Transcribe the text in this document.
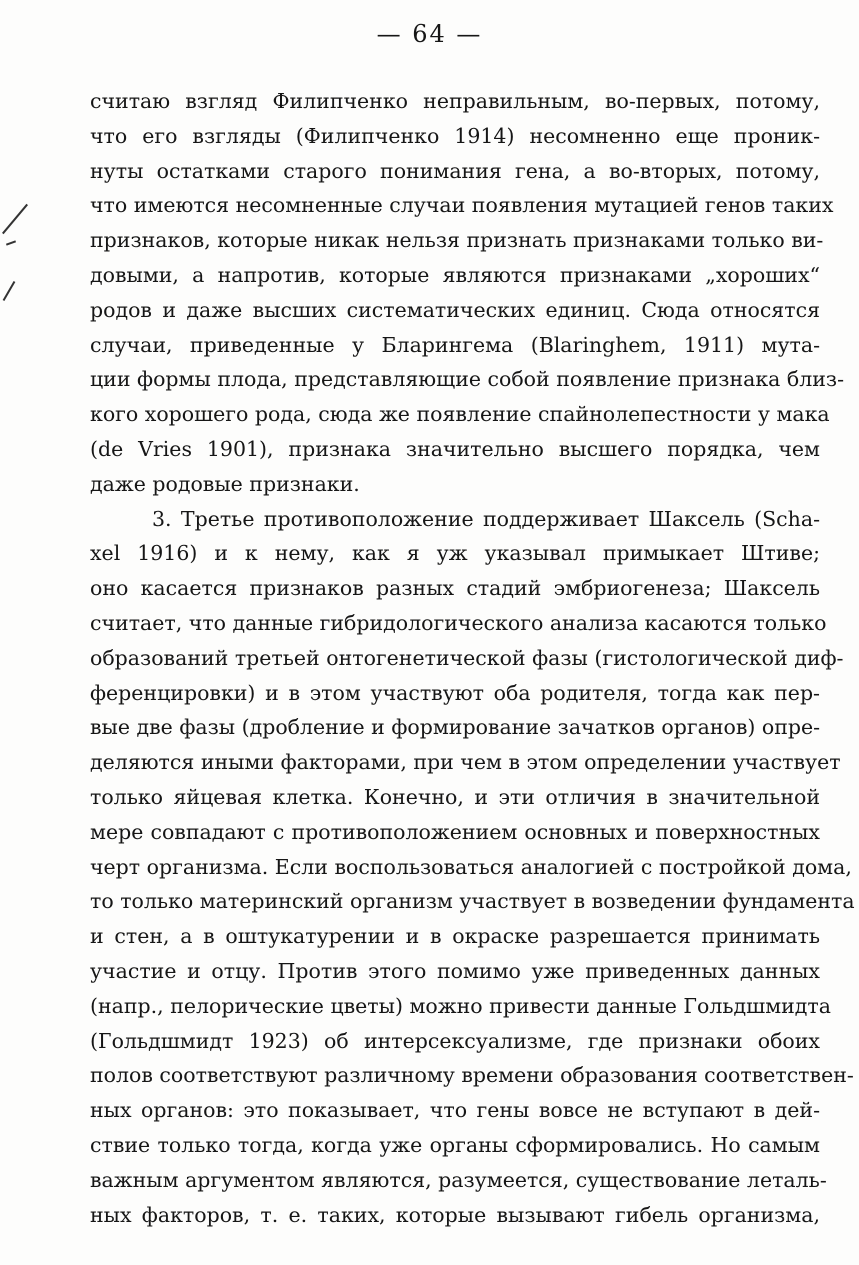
— 64 —
считаю взгляд Филипченко неправильным, во-первых, потому,
что его взгляды (Филипченко 1914) несомненно еще проник-
нуты остатками старого понимания гена, а во-вторых, потому,
что имеются несомненные случаи появления мутацией генов таких
признаков, которые никак нельзя признать признаками только ви-
довыми, а напротив, которые являются признаками „хороших“
родов и даже высших систематических единиц. Сюда относятся
случаи, приведенные у Бларингема (Blaringhem, 1911) мута-
ции формы плода, представляющие собой появление признака близ-
кого хорошего рода, сюда же появление спайнолепестности у мака
(de Vries 1901), признака значительно высшего порядка, чем
даже родовые признаки.
3. Третье противоположение поддерживает Шаксель (Scha-
xel 1916) и к нему, как я уж указывал примыкает Штиве;
оно касается признаков разных стадий эмбриогенеза; Шаксель
считает, что данные гибридологического анализа касаются только
образований третьей онтогенетической фазы (гистологической диф-
ференцировки) и в этом участвуют оба родителя, тогда как пер-
вые две фазы (дробление и формирование зачатков органов) опре-
деляются иными факторами, при чем в этом определении участвует
только яйцевая клетка. Конечно, и эти отличия в значительной
мере совпадают с противоположением основных и поверхностных
черт организма. Если воспользоваться аналогией с постройкой дома,
то только материнский организм участвует в возведении фундамента
и стен, а в оштукатурении и в окраске разрешается принимать
участие и отцу. Против этого помимо уже приведенных данных
(напр., пелорические цветы) можно привести данные Гольдшмидта
(Гольдшмидт 1923) об интерсексуализме, где признаки обоих
полов соответствуют различному времени образования соответствен-
ных органов: это показывает, что гены вовсе не вступают в дей-
ствие только тогда, когда уже органы сформировались. Но самым
важным аргументом являются, разумеется, существование леталь-
ных факторов, т. е. таких, которые вызывают гибель организма,
